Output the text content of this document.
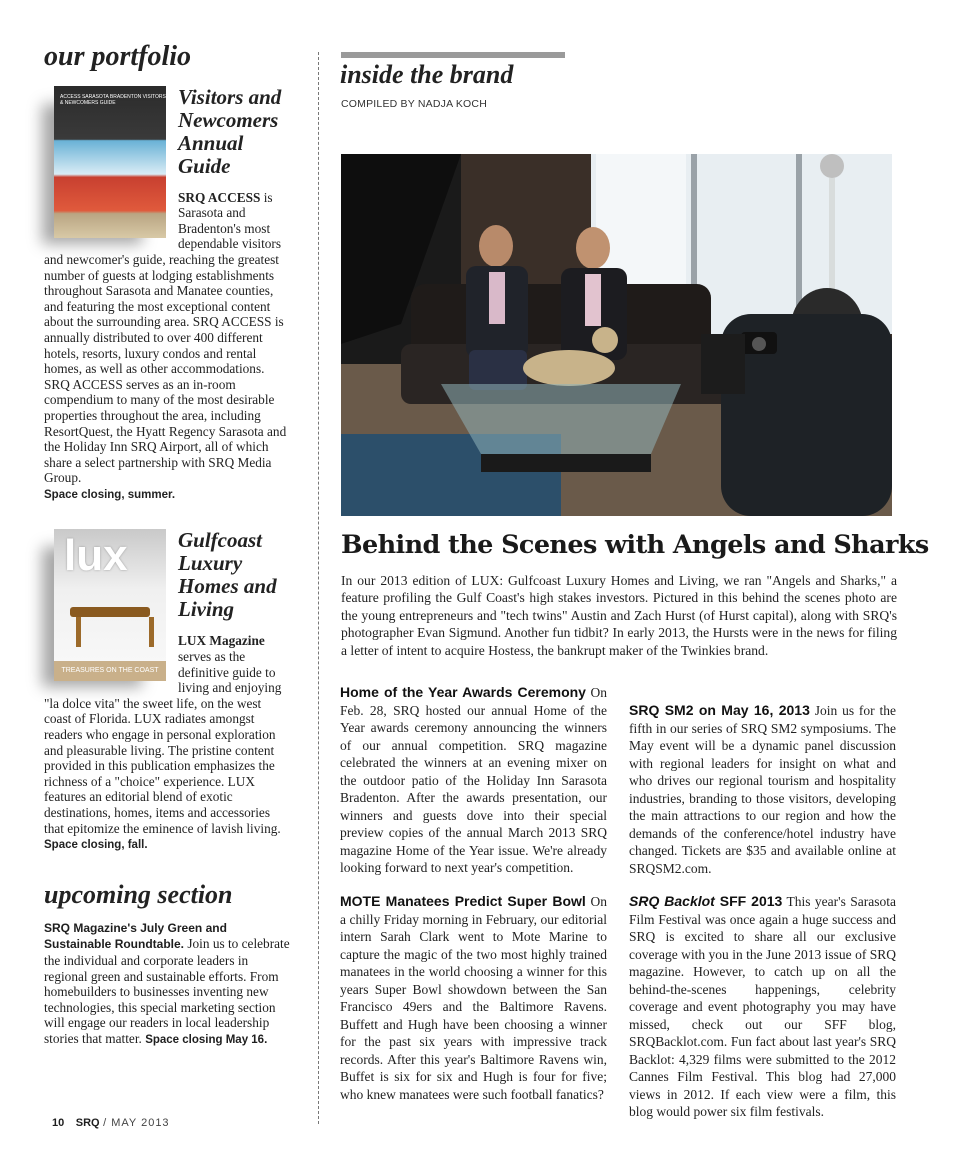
our portfolio
ACCESS SARASOTA BRADENTON VISITORS & NEWCOMERS GUIDE	Visitors and Newcomers Annual Guide

SRQ ACCESS is Sarasota and Bradenton's most dependable visitors and newcomer's guide, reaching the greatest number of guests at lodging establishments throughout Sarasota and Manatee counties, and featuring the most exceptional content about the surrounding area. SRQ ACCESS is annually distributed to over 400 different hotels, resorts, luxury condos and rental homes, as well as other accommodations. SRQ ACCESS serves as an in-room compendium to many of the most desirable properties throughout the area, including ResortQuest, the Hyatt Regency Sarasota and the Holiday Inn SRQ Airport, all of which share a select partnership with SRQ Media Group.
Space closing, summer.

lux
TREASURES ON THE COAST
Gulfcoast Luxury Homes and Living

LUX Magazine serves as the definitive guide to living and enjoying "la dolce vita" the sweet life, on the west coast of Florida. LUX radiates amongst readers who engage in personal exploration and pleasurable living. The pristine content provided in this publication emphasizes the richness of a "choice" experience. LUX features an editorial blend of exotic destinations, homes, items and accessories that epitomize the eminence of lavish living. Space closing, fall.

upcoming section

SRQ Magazine's July Green and Sustainable Roundtable. Join us to celebrate the individual and corporate leaders in regional green and sustainable efforts. From homebuilders to businesses inventing new technologies, this special marketing section will engage our readers in local leadership stories that matter. Space closing May 16.

10 SRQ / MAY 2013
inside the brand
COMPILED BY NADJA KOCH
Behind the Scenes with Angels and Sharks

In our 2013 edition of LUX: Gulfcoast Luxury Homes and Living, we ran "Angels and Sharks," a feature profiling the Gulf Coast's high stakes investors. Pictured in this behind the scenes photo are the young entrepreneurs and "tech twins" Austin and Zach Hurst (of Hurst capital), along with SRQ's photographer Evan Sigmund. Another fun tidbit? In early 2013, the Hursts were in the news for filing a letter of intent to acquire Hostess, the bankrupt maker of the Twinkies brand.

Home of the Year Awards Ceremony On Feb. 28, SRQ hosted our annual Home of the Year awards ceremony announcing the winners of our annual competition. SRQ magazine celebrated the winners at an evening mixer on the outdoor patio of the Holiday Inn Sarasota Bradenton. After the awards presentation, our winners and guests dove into their special preview copies of the annual March 2013 SRQ magazine Home of the Year issue. We're already looking forward to next year's competition.

MOTE Manatees Predict Super Bowl On a chilly Friday morning in February, our editorial intern Sarah Clark went to Mote Marine to capture the magic of the two most highly trained manatees in the world choosing a winner for this years Super Bowl showdown between the San Francisco 49ers and the Baltimore Ravens. Buffett and Hugh have been choosing a winner for the past six years with impressive track records. After this year's Baltimore Ravens win, Buffet is six for six and Hugh is four for five; who knew manatees were such football fanatics?

SRQ SM2 on May 16, 2013 Join us for the fifth in our series of SRQ SM2 symposiums. The May event will be a dynamic panel discussion with regional leaders for insight on what and who drives our regional tourism and hospitality industries, branding to those visitors, developing the main attractions to our region and how the demands of the conference/hotel industry have changed. Tickets are $35 and available online at SRQSM2.com.

SRQ Backlot SFF 2013 This year's Sarasota Film Festival was once again a huge success and SRQ is excited to share all our exclusive coverage with you in the June 2013 issue of SRQ magazine. However, to catch up on all the behind-the-scenes happenings, celebrity coverage and event photography you may have missed, check out our SFF blog, SRQBacklot.com. Fun fact about last year's SRQ Backlot: 4,329 films were submitted to the 2012 Cannes Film Festival. This blog had 27,000 views in 2012. If each view were a film, this blog would power six film festivals.
